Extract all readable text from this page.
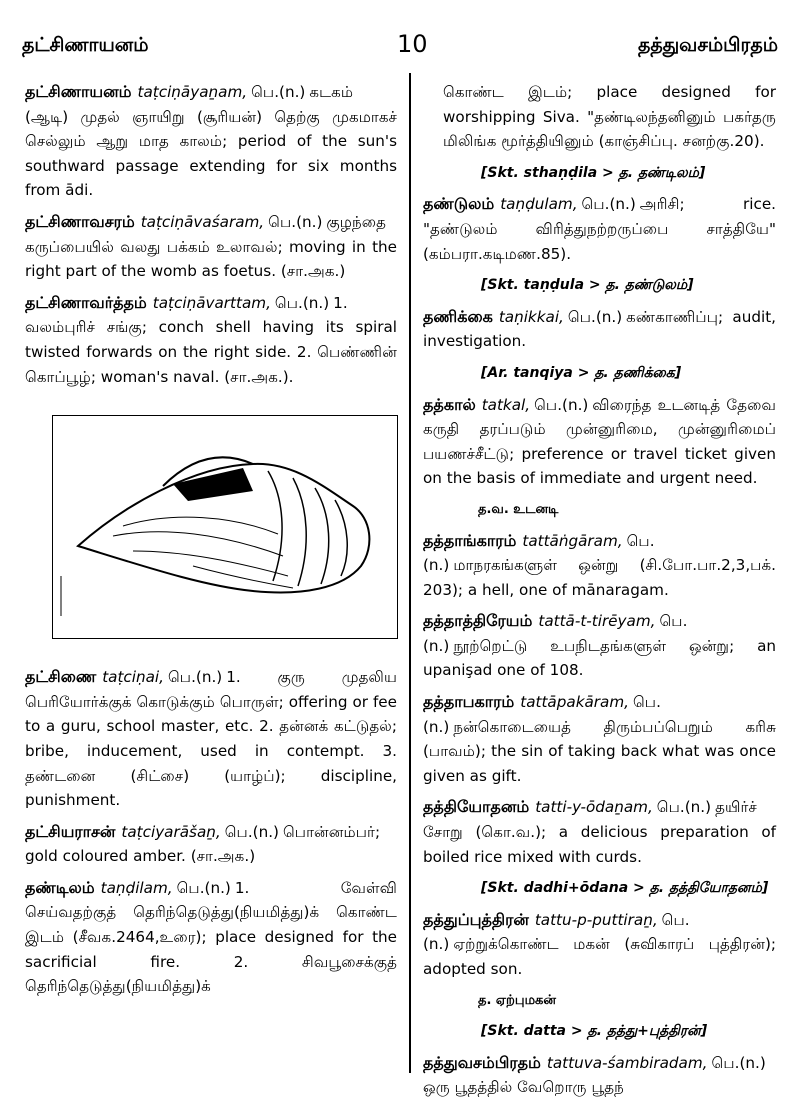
தட்சிணாயனம்	10	தத்துவசம்பிரதம்

தட்சிணாயனம் taṭciṇāyaṉam, பெ.(n.) கடகம் (ஆடி) முதல் ஞாயிறு (சூரியன்) தெற்கு முகமாகச் செல்லும் ஆறு மாத காலம்; period of the sun's southward passage extending for six months from ādi.

தட்சிணாவசரம் taṭciṇāvaśaram, பெ.(n.) குழந்தை கருப்பையில் வலது பக்கம் உலாவல்; moving in the right part of the womb as foetus. (சா.அக.)

தட்சிணாவர்த்தம் taṭciṇāvarttam, பெ.(n.) 1. வலம்புரிச் சங்கு; conch shell having its spiral twisted forwards on the right side. 2. பெண்ணின் கொப்பூழ்; woman's naval. (சா.அக.).

தட்சிணை taṭciṇai, பெ.(n.) 1. குரு முதலிய பெரியோர்க்குக் கொடுக்கும் பொருள்; offering or fee to a guru, school master, etc. 2. தன்னக் கட்டுதல்; bribe, inducement, used in contempt. 3. தண்டனை (சிட்சை) (யாழ்ப்); discipline, punishment.

தட்சியராசன் taṭciyarāšaṉ, பெ.(n.) பொன்னம்பர்; gold coloured amber. (சா.அக.)

தண்டிலம் taṇḍilam, பெ.(n.) 1. வேள்வி செய்வதற்குத் தெரிந்தெடுத்து(நியமித்து)க் கொண்ட இடம் (சீவக.2464,உரை); place designed for the sacrificial fire. 2. சிவபூசைக்குத் தெரிந்தெடுத்து(நியமித்து)க்

கொண்ட இடம்; place designed for worshipping Siva. "தண்டிலந்தனினும் பகர்தரு மிலிங்க மூர்த்தியினும் (காஞ்சிப்பு. சனற்கு.20).

[Skt. sthaṇḍila > த. தண்டிலம்]

தண்டுலம் taṇḍulam, பெ.(n.) அரிசி; rice. "தண்டுலம் விரித்துநற்றருப்பை சாத்தியே" (கம்பரா.கடிமண.85).

[Skt. taṇḍula > த. தண்டுலம்]

தணிக்கை taṇikkai, பெ.(n.) கண்காணிப்பு; audit, investigation.

[Ar. tanqiya > த. தணிக்கை]

தத்கால் tatkal, பெ.(n.) விரைந்த உடனடித் தேவை கருதி தரப்படும் முன்னுரிமை, முன்னுரிமைப் பயணச்சீட்டு; preference or travel ticket given on the basis of immediate and urgent need.

த.வ. உடனடி

தத்தாங்காரம் tattāṅgāram, பெ.(n.) மாநரகங்களுள் ஒன்று (சி.போ.பா.2,3,பக். 203); a hell, one of mānaragam.

தத்தாத்திரேயம் tattā-t-tirēyam, பெ.(n.) நூற்றெட்டு உபநிடதங்களுள் ஒன்று; an upanişad one of 108.

தத்தாபகாரம் tattāpakāram, பெ.(n.) நன்கொடையைத் திரும்பப்பெறும் கரிசு (பாவம்); the sin of taking back what was once given as gift.

தத்தியோதனம் tatti-y-ōdaṉam, பெ.(n.) தயிர்ச் சோறு (கொ.வ.); a delicious preparation of boiled rice mixed with curds.

[Skt. dadhi+ōdana > த. தத்தியோதனம்]

தத்துப்புத்திரன் tattu-p-puttiraṉ, பெ.(n.) ஏற்றுக்கொண்ட மகன் (சுவிகாரப் புத்திரன்); adopted son.

த. ஏற்புமகன்
[Skt. datta > த. தத்து+புத்திரன்]

தத்துவசம்பிரதம் tattuva-śambiradam, பெ.(n.) ஒரு பூதத்தில் வேறொரு பூதந்
